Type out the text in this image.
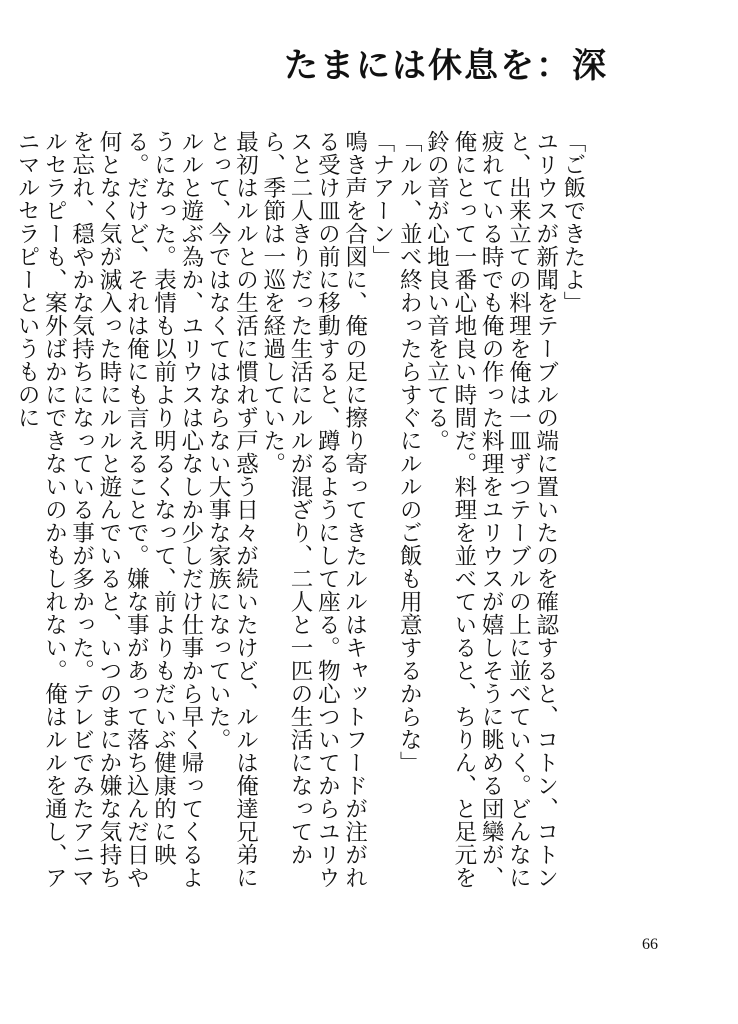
たまには休息を：深

「ご飯できたよ」

ユリウスが新聞をテーブルの端に置いたのを確認すると、コトン、コトンと、出来立ての料理を俺は一皿ずつテーブルの上に並べていく。どんなに疲れている時でも俺の作った料理をユリウスが嬉しそうに眺める団欒が、俺にとって一番心地良い時間だ。料理を並べていると、ちりん、と足元を鈴の音が心地良い音を立てる。

「ルル、並べ終わったらすぐにルルのご飯も用意するからな」

「ナアーン」

鳴き声を合図に、俺の足に擦り寄ってきたルルはキャットフードが注がれる受け皿の前に移動すると、蹲るようにして座る。物心ついてからユリウスと二人きりだった生活にルルが混ざり、二人と一匹の生活になってから、季節は一巡を経過していた。

最初はルルとの生活に慣れず戸惑う日々が続いたけど、ルルは俺達兄弟にとって、今ではなくてはならない大事な家族になっていた。

ルルと遊ぶ為か、ユリウスは心なしか少しだけ仕事から早く帰ってくるようになった。表情も以前より明るくなって、前よりもだいぶ健康的に映る。だけど、それは俺にも言えることで。嫌な事があって落ち込んだ日や何となく気が滅入った時にルルと遊んでいると、いつのまにか嫌な気持ちを忘れ、穏やかな気持ちになっている事が多かった。テレビでみたアニマルセラピーも、案外ばかにできないのかもしれない。俺はルルを通し、アニマルセラピーというものに

66
